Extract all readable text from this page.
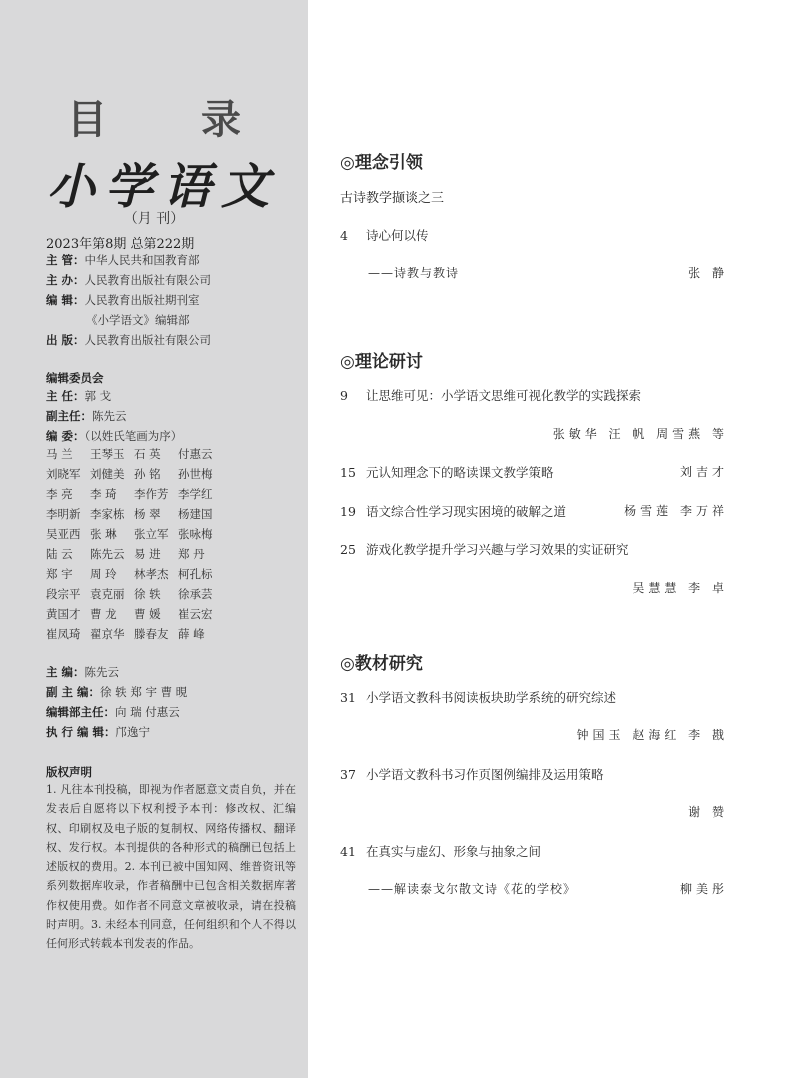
目 录
小学语文
（月 刊）
2023年第8期 总第222期
主 管：中华人民共和国教育部
主 办：人民教育出版社有限公司
编 辑：人民教育出版社期刊室
《小学语文》编辑部
出 版：人民教育出版社有限公司
编辑委员会
主 任：郭 戈
副主任：陈先云
编 委：（以姓氏笔画为序）
马 兰	王琴玉 石 英	付惠云
刘晓军 刘健美 孙 铭	孙世梅
李 亮	李 琦	李作芳 李学红
李明新 李家栋 杨 翠	杨建国
吴亚西 张 琳	张立军 张咏梅
陆 云	陈先云 易 进	郑 丹
郑 宇	周 玲	林孝杰 柯孔标
段宗平 袁克丽 徐 轶	徐承芸
黄国才 曹 龙	曹 媛	崔云宏
崔凤琦 翟京华 滕春友 薛 峰
主 编：陈先云
副 主 编：徐 轶 郑 宇 曹 晛
编辑部主任：向 瑞 付惠云
执 行 编 辑：邝逸宁
版权声明
1. 凡往本刊投稿，即视为作者愿意文责自负，并在发表后自愿将以下权利授予本刊：修改权、汇编权、印刷权及电子版的复制权、网络传播权、翻译权、发行权。本刊提供的各种形式的稿酬已包括上述版权的费用。2. 本刊已被中国知网、维普资讯等系列数据库收录，作者稿酬中已包含相关数据库著作权使用费。如作者不同意文章被收录，请在投稿时声明。3. 未经本刊同意，任何组织和个人不得以任何形式转载本刊发表的作品。
◎理念引领
古诗教学撷谈之三
4 诗心何以传
——诗教与教诗	张 静
◎理论研讨
9 让思维可见：小学语文思维可视化教学的实践探索
张敏华 汪 帆 周雪燕 等
15 元认知理念下的略读课文教学策略	刘吉才
19 语文综合性学习现实困境的破解之道	杨雪莲 李万祥
25 游戏化教学提升学习兴趣与学习效果的实证研究
吴慧慧 李 卓
◎教材研究
31 小学语文教科书阅读板块助学系统的研究综述
钟国玉 赵海红 李 戡
37 小学语文教科书习作页图例编排及运用策略
谢 赞
41 在真实与虚幻、形象与抽象之间
——解读泰戈尔散文诗《花的学校》	柳美彤
